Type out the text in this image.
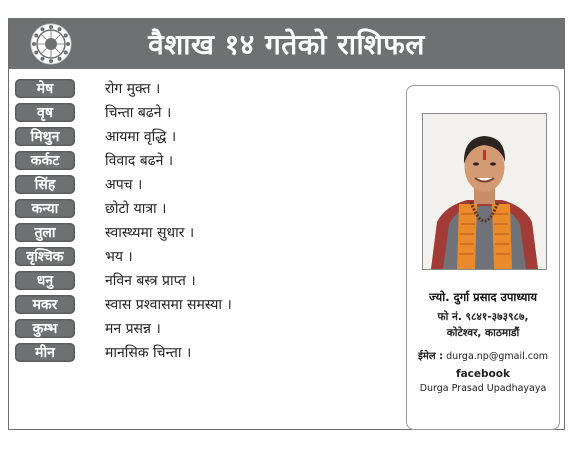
वैशाख १४ गतेको राशिफल
मेष	रोग मुक्त ।
वृष	चिन्ता बढने ।
मिथुन	आयमा वृद्धि ।
कर्कट	विवाद बढने ।
सिंह	अपच ।
कन्या	छोटो यात्रा ।
तुला	स्वास्थ्यमा सुधार ।
वृश्चिक	भय ।
धनु	नविन बस्त्र प्राप्त ।
मकर	स्वास प्रश्वासमा समस्या ।
कुम्भ	मन प्रसन्न ।
मीन	मानसिक चिन्ता ।
ज्यो. दुर्गा प्रसाद उपाध्याय
फो नं. ९८४१-३७३९८७,
कोटेश्वर, काठमाडौं
ईमेल : durga.np@gmail.com
facebook
Durga Prasad Upadhayaya
